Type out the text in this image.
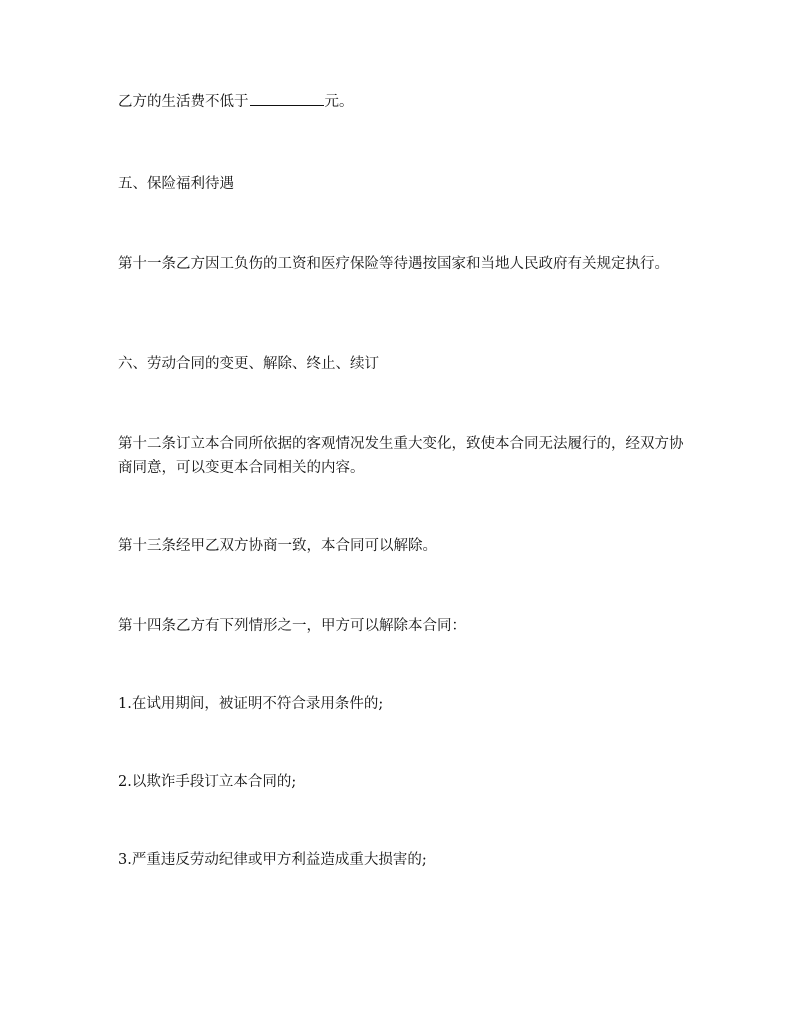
乙方的生活费不低于	元。

五、保险福利待遇

第十一条乙方因工负伤的工资和医疗保险等待遇按国家和当地人民政府有关规定执行。

六、劳动合同的变更、解除、终止、续订

第十二条订立本合同所依据的客观情况发生重大变化，致使本合同无法履行的，经双方协商同意，可以变更本合同相关的内容。

第十三条经甲乙双方协商一致，本合同可以解除。

第十四条乙方有下列情形之一，甲方可以解除本合同：

1.在试用期间，被证明不符合录用条件的;

2.以欺诈手段订立本合同的;

3.严重违反劳动纪律或甲方利益造成重大损害的;
